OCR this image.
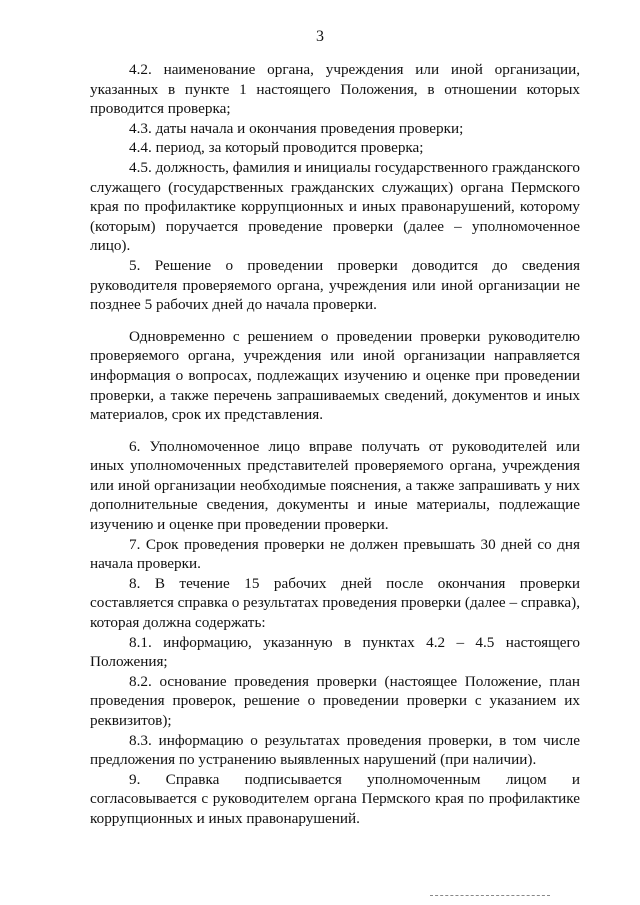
3

4.2. наименование органа, учреждения или иной организации, указанных в пункте 1 настоящего Положения, в отношении которых проводится проверка;

4.3. даты начала и окончания проведения проверки;

4.4. период, за который проводится проверка;

4.5. должность, фамилия и инициалы государственного гражданского служащего (государственных гражданских служащих) органа Пермского края по профилактике коррупционных и иных правонарушений, которому (которым) поручается проведение проверки (далее – уполномоченное лицо).

5. Решение о проведении проверки доводится до сведения руководителя проверяемого органа, учреждения или иной организации не позднее 5 рабочих дней до начала проверки.

Одновременно с решением о проведении проверки руководителю проверяемого органа, учреждения или иной организации направляется информация о вопросах, подлежащих изучению и оценке при проведении проверки, а также перечень запрашиваемых сведений, документов и иных материалов, срок их представления.

6. Уполномоченное лицо вправе получать от руководителей или иных уполномоченных представителей проверяемого органа, учреждения или иной организации необходимые пояснения, а также запрашивать у них дополнительные сведения, документы и иные материалы, подлежащие изучению и оценке при проведении проверки.

7. Срок проведения проверки не должен превышать 30 дней со дня начала проверки.

8. В течение 15 рабочих дней после окончания проверки составляется справка о результатах проведения проверки (далее – справка), которая должна содержать:

8.1. информацию, указанную в пунктах 4.2 – 4.5 настоящего Положения;

8.2. основание проведения проверки (настоящее Положение, план проведения проверок, решение о проведении проверки с указанием их реквизитов);

8.3. информацию о результатах проведения проверки, в том числе предложения по устранению выявленных нарушений (при наличии).

9. Справка подписывается уполномоченным лицом и согласовывается с руководителем органа Пермского края по профилактике коррупционных и иных правонарушений.
